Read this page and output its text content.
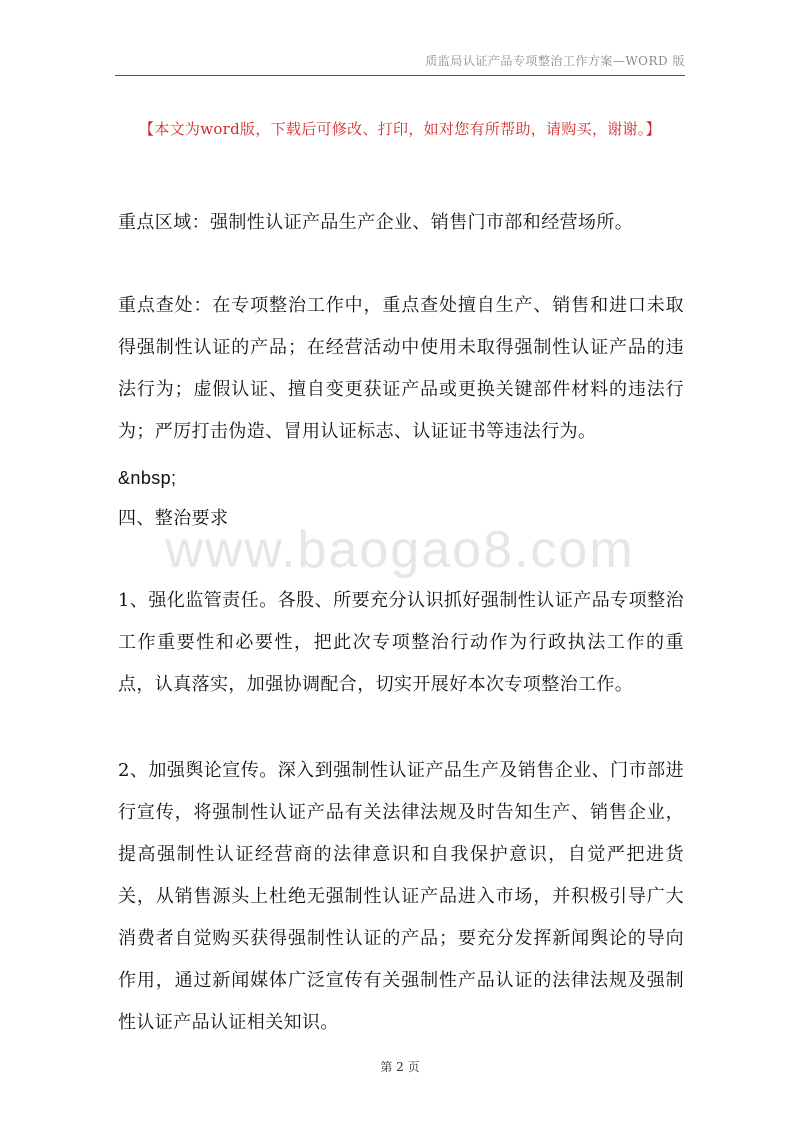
质监局认证产品专项整治工作方案—WORD 版
【本文为word版，下载后可修改、打印，如对您有所帮助，请购买，谢谢。】
www.baogao8.com
重点区域：强制性认证产品生产企业、销售门市部和经营场所。
重点查处：在专项整治工作中，重点查处擅自生产、销售和进口未取得强制性认证的产品；在经营活动中使用未取得强制性认证产品的违法行为；虚假认证、擅自变更获证产品或更换关键部件材料的违法行为；严厉打击伪造、冒用认证标志、认证证书等违法行为。
&nbsp;
四、整治要求
1、强化监管责任。各股、所要充分认识抓好强制性认证产品专项整治工作重要性和必要性，把此次专项整治行动作为行政执法工作的重点，认真落实，加强协调配合，切实开展好本次专项整治工作。
2、加强舆论宣传。深入到强制性认证产品生产及销售企业、门市部进行宣传，将强制性认证产品有关法律法规及时告知生产、销售企业，提高强制性认证经营商的法律意识和自我保护意识，自觉严把进货关，从销售源头上杜绝无强制性认证产品进入市场，并积极引导广大消费者自觉购买获得强制性认证的产品；要充分发挥新闻舆论的导向作用，通过新闻媒体广泛宣传有关强制性产品认证的法律法规及强制性认证产品认证相关知识。
第 2 页
